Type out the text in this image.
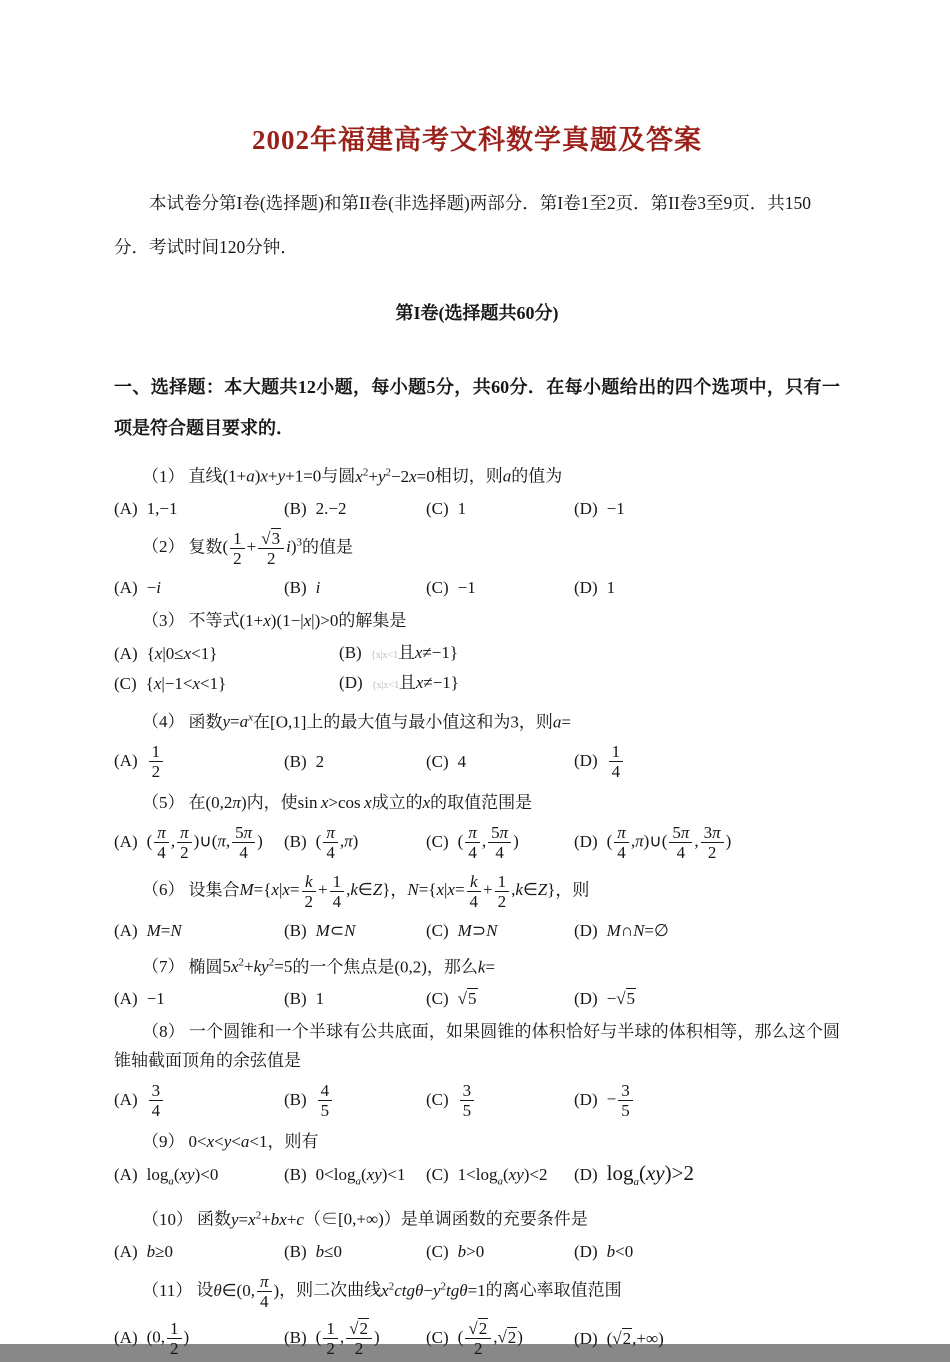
2002年福建高考文科数学真题及答案

本试卷分第I卷(选择题)和第II卷(非选择题)两部分．第I卷1至2页．第II卷3至9页．共150分．考试时间120分钟．

第I卷(选择题共60分)

一、选择题：本大题共12小题，每小题5分，共60分．在每小题给出的四个选项中，只有一项是符合题目要求的．

（1） 直线(1+a)x+y+1=0与圆$x^2+y^2-2x=0$相切，则a的值为
(A) 1,−1	(B) 2.−2	(C) 1	(D) −1
（2） 复数( $\frac{1}{2} + \frac{√3}{2} i)^3$的值是
(A) −i	(B) i	(C) −1	(D) 1
（3） 不等式(1+x)(1−|x|)>0的解集是
(A) {x|0≤x<1}	(B) {x|x<1且x≠−1}
(C) {x|−1<x<1}	(D) {x|x<1且x≠−1}
（4） 函数$y=a^x$在[O,1]上的最大值与最小值这和为3，则a=
$(A) \frac{1}{2}$	(B) 2	(C) 4	$(D) \frac{1}{4}$
（5） 在(0,2π)内，使sin x>cos x成立的x的取值范围是
(A) ( $\frac{\pi}{4}$ , $\frac{\pi}{2}$ )∪(π, $\frac{5\pi}{4}$ )	(B) ( $\frac{\pi}{4} ,\pi$)	(C) ( $\frac{\pi}{4}$ , $\frac{5\pi}{4}$ )	(D) ( $\frac{\pi}{4}$ ,π)∪( $\frac{5\pi}{4}$ , $\frac{3\pi}{2}$ )
（6） 设集合$M=\{x|x= \frac{k}{2} + \frac{1}{4}$ ,k∈Z}，$N=\{x|x= \frac{k}{4} + \frac{1}{2}$ ,k∈Z}，则
(A) M=N	(B) M⊂N	(C) M⊃N	(D) M∩N=∅
（7） 椭圆$5x^2+ky^2=5$的一个焦点是(0,2)，那么k=
(A) −1	(B) 1	(C) √5	(D) −√5
（8） 一个圆锥和一个半球有公共底面，如果圆锥的体积恰好与半球的体积相等，那么这个圆锥轴截面顶角的余弦值是
$(A) \frac{3}{4}$	$(B) \frac{4}{5}$	$(C) \frac{3}{5}$	$(D) - \frac{3}{5}$
（9） 0<x<y<a<1，则有
(A) $\log_a(xy)<0$	(B) $0<\log_a(xy)<1$	(C) $1<\log_a(xy)<2$	(D) $\log_a(xy)>2$
（10） 函数$y=x^2+bx+c(\in[0,+\infty))$是单调函数的充要条件是
(A) b≥0	(B) b≤0	(C) b>0	(D) b<0
（11） 设θ∈(0, $\frac{\pi}{4}$ )，则二次曲线$x^2ctg\theta-y^2tg\theta=1$的离心率取值范围
(A) (0, $\frac{1}{2}$ )	(B) ( $\frac{1}{2}$ , $\frac{√2}{2}$ )	(C) ( $\frac{√2}{2} ,√2$)	(D) (√2,+∞)
